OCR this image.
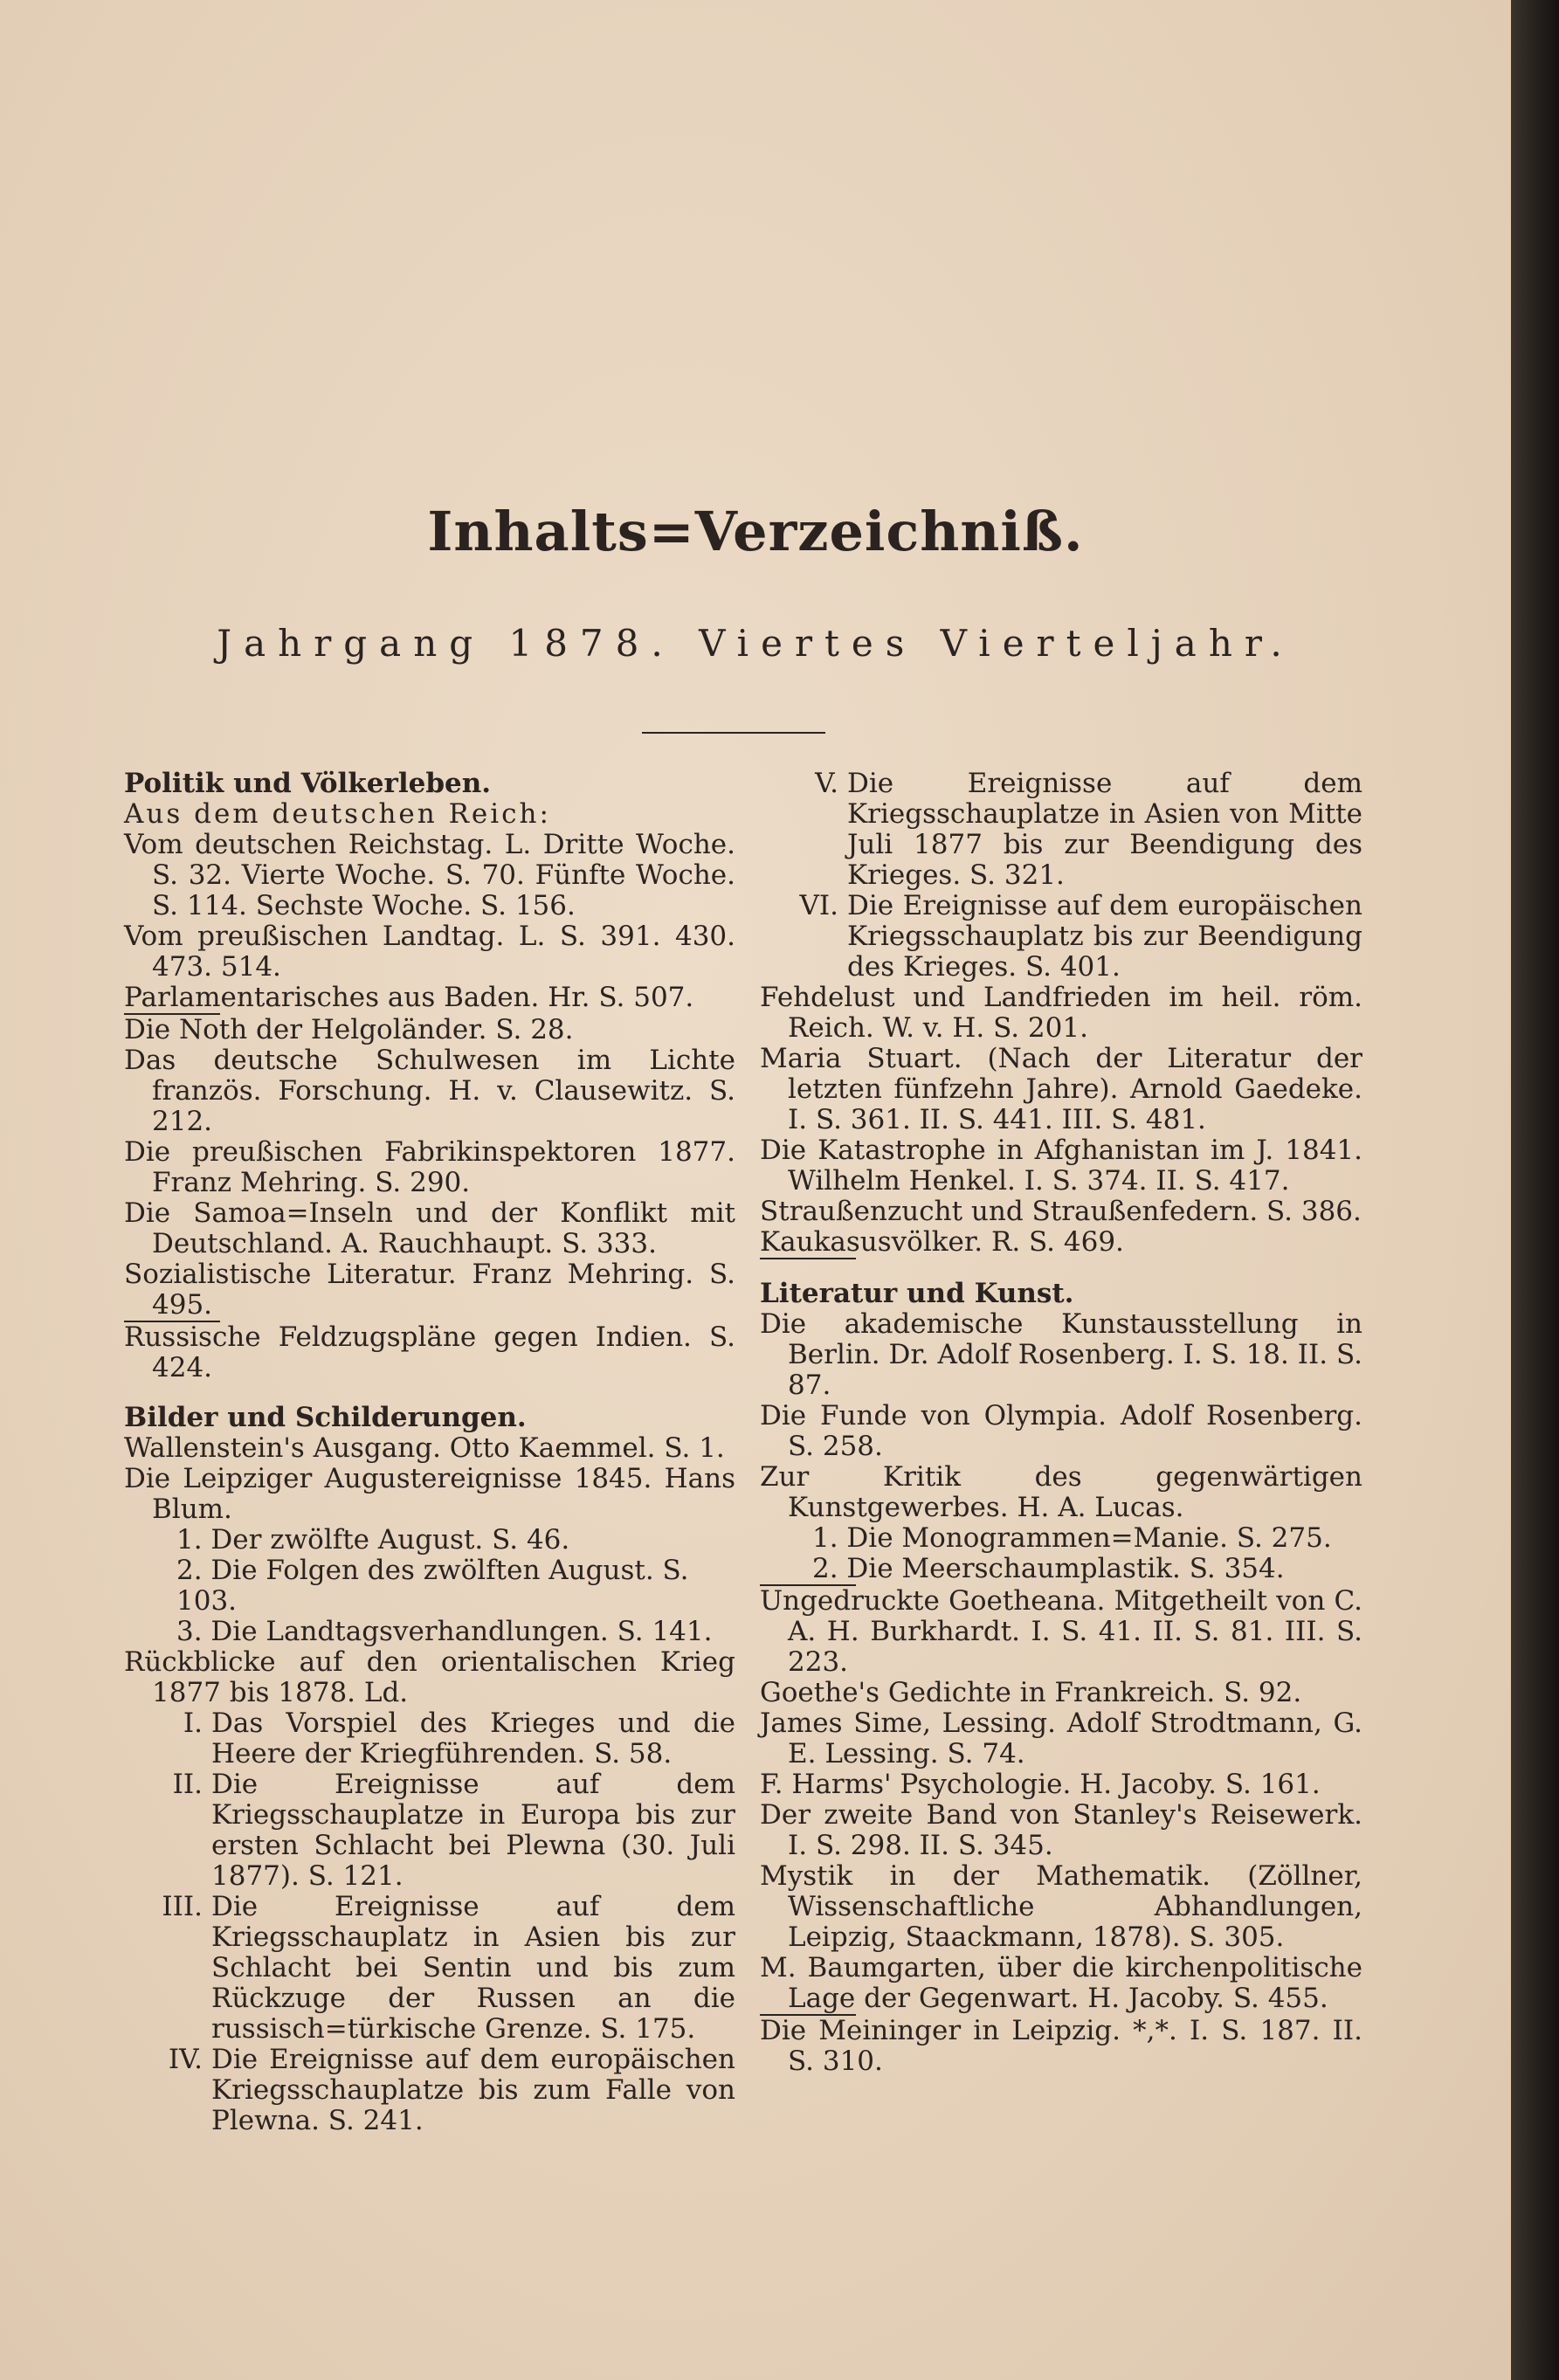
Inhalts=Verzeichniß.
Jahrgang 1878. Viertes Vierteljahr.
Politik und Völkerleben.
Aus dem deutschen Reich:
Vom deutschen Reichstag. L. Dritte Woche. S. 32. Vierte Woche. S. 70. Fünfte Woche. S. 114. Sechste Woche. S. 156.
Vom preußischen Landtag. L. S. 391. 430. 473. 514.
Parlamentarisches aus Baden. Hr. S. 507.
Die Noth der Helgoländer. S. 28.
Das deutsche Schulwesen im Lichte französ. Forschung. H. v. Clausewitz. S. 212.
Die preußischen Fabrikinspektoren 1877. Franz Mehring. S. 290.
Die Samoa=Inseln und der Konflikt mit Deutschland. A. Rauchhaupt. S. 333.
Sozialistische Literatur. Franz Mehring. S. 495.
Russische Feldzugspläne gegen Indien. S. 424.
Bilder und Schilderungen.
Wallenstein's Ausgang. Otto Kaemmel. S. 1.
Die Leipziger Augustereignisse 1845. Hans Blum.
1. Der zwölfte August. S. 46.
2. Die Folgen des zwölften August. S. 103.
3. Die Landtagsverhandlungen. S. 141.
Rückblicke auf den orientalischen Krieg 1877 bis 1878. Ld.
I. Das Vorspiel des Krieges und die Heere der Kriegführenden. S. 58.
II. Die Ereignisse auf dem Kriegsschauplatze in Europa bis zur ersten Schlacht bei Plewna (30. Juli 1877). S. 121.
III. Die Ereignisse auf dem Kriegsschauplatz in Asien bis zur Schlacht bei Sentin und bis zum Rückzuge der Russen an die russisch=türkische Grenze. S. 175.
IV. Die Ereignisse auf dem europäischen Kriegsschauplatze bis zum Falle von Plewna. S. 241.
V. Die Ereignisse auf dem Kriegsschauplatze in Asien von Mitte Juli 1877 bis zur Beendigung des Krieges. S. 321.
VI. Die Ereignisse auf dem europäischen Kriegsschauplatz bis zur Beendigung des Krieges. S. 401.
Fehdelust und Landfrieden im heil. röm. Reich. W. v. H. S. 201.
Maria Stuart. (Nach der Literatur der letzten fünfzehn Jahre). Arnold Gaedeke. I. S. 361. II. S. 441. III. S. 481.
Die Katastrophe in Afghanistan im J. 1841. Wilhelm Henkel. I. S. 374. II. S. 417.
Straußenzucht und Straußenfedern. S. 386.
Kaukasusvölker. R. S. 469.
Literatur und Kunst.
Die akademische Kunstausstellung in Berlin. Dr. Adolf Rosenberg. I. S. 18. II. S. 87.
Die Funde von Olympia. Adolf Rosenberg. S. 258.
Zur Kritik des gegenwärtigen Kunstgewerbes. H. A. Lucas.
1. Die Monogrammen=Manie. S. 275.
2. Die Meerschaumplastik. S. 354.
Ungedruckte Goetheana. Mitgetheilt von C. A. H. Burkhardt. I. S. 41. II. S. 81. III. S. 223.
Goethe's Gedichte in Frankreich. S. 92.
James Sime, Lessing. Adolf Strodtmann, G. E. Lessing. S. 74.
F. Harms' Psychologie. H. Jacoby. S. 161.
Der zweite Band von Stanley's Reisewerk. I. S. 298. II. S. 345.
Mystik in der Mathematik. (Zöllner, Wissenschaftliche Abhandlungen, Leipzig, Staackmann, 1878). S. 305.
M. Baumgarten, über die kirchenpolitische Lage der Gegenwart. H. Jacoby. S. 455.
Die Meininger in Leipzig. *,*. I. S. 187. II. S. 310.
